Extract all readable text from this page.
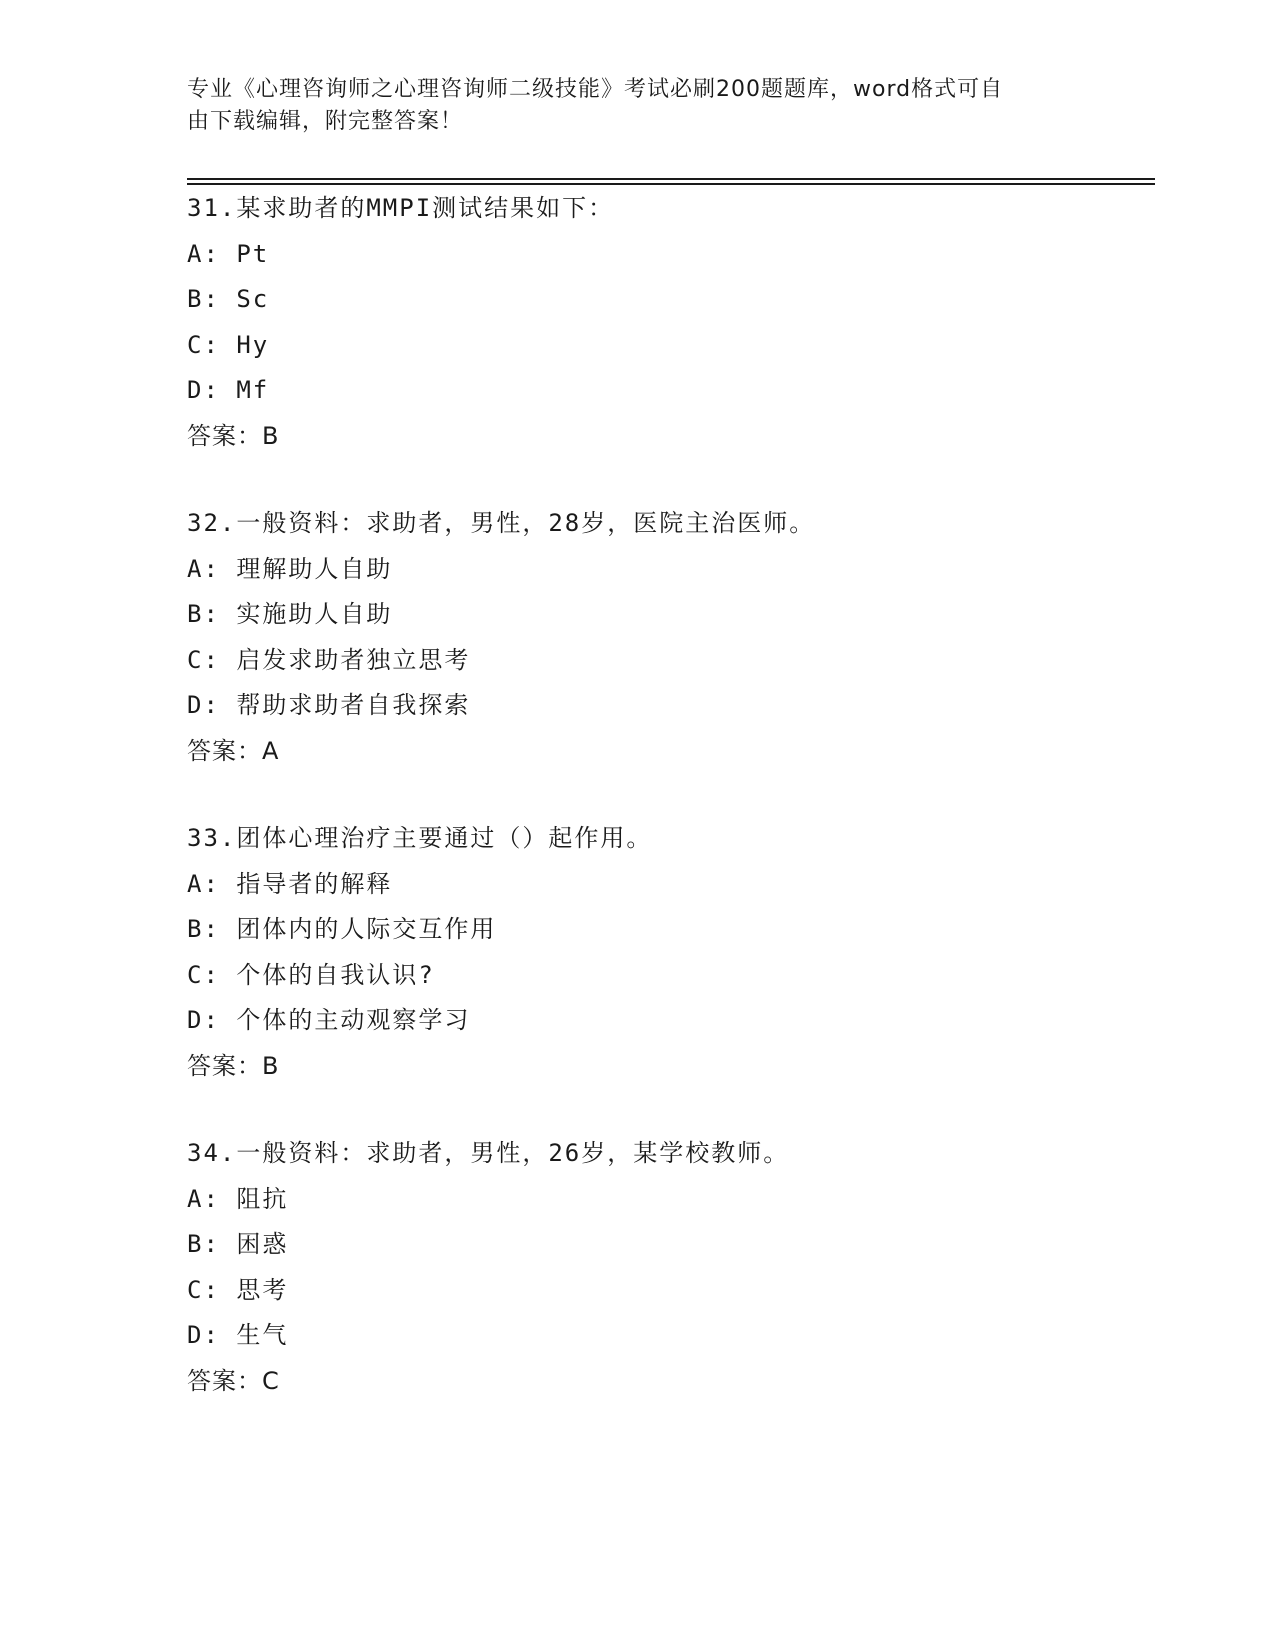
专业《心理咨询师之心理咨询师二级技能》考试必刷200题题库，word格式可自
由下载编辑，附完整答案！
31.某求助者的MMPI测试结果如下：
A: Pt
B: Sc
C: Hy
D: Mf
答案：B
32.一般资料：求助者，男性，28岁，医院主治医师。
A: 理解助人自助
B: 实施助人自助
C: 启发求助者独立思考
D: 帮助求助者自我探索
答案：A
33.团体心理治疗主要通过（）起作用。
A: 指导者的解释
B: 团体内的人际交互作用
C: 个体的自我认识?
D: 个体的主动观察学习
答案：B
34.一般资料：求助者，男性，26岁，某学校教师。
A: 阻抗
B: 困惑
C: 思考
D: 生气
答案：C
